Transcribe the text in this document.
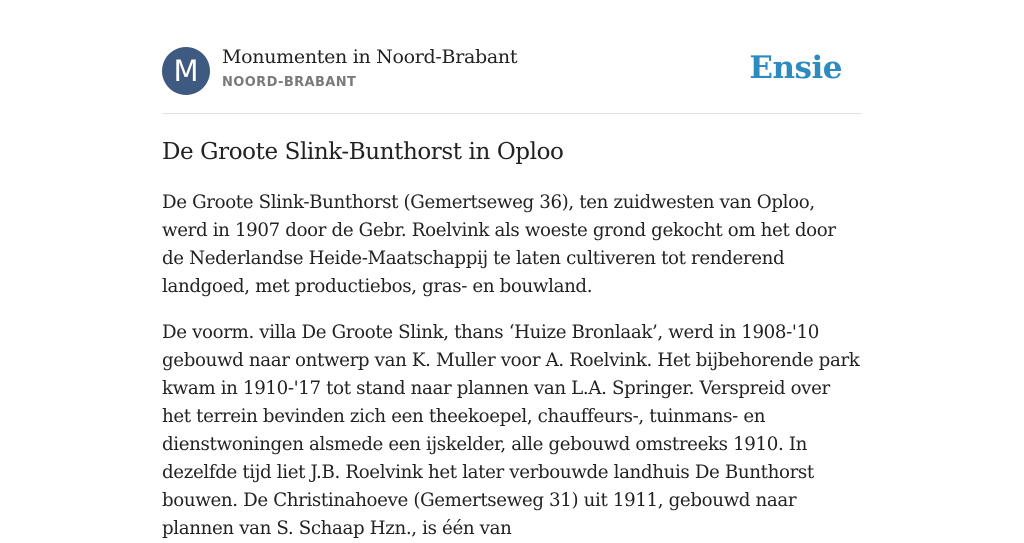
M	Monumenten in Noord-Brabant
NOORD-BRABANT	Ensie
De Groote Slink-Bunthorst in Oploo

De Groote Slink-Bunthorst (Gemertseweg 36), ten zuidwesten van Oploo, werd in 1907 door de Gebr. Roelvink als woeste grond gekocht om het door de Nederlandse Heide-Maatschappij te laten cultiveren tot renderend landgoed, met productiebos, gras- en bouwland.

De voorm. villa De Groote Slink, thans ‘Huize Bronlaak’, werd in 1908-'10 gebouwd naar ontwerp van K. Muller voor A. Roelvink. Het bijbehorende park kwam in 1910-'17 tot stand naar plannen van L.A. Springer. Verspreid over het terrein bevinden zich een theekoepel, chauffeurs-, tuinmans- en dienstwoningen alsmede een ijskelder, alle gebouwd omstreeks 1910. In dezelfde tijd liet J.B. Roelvink het later verbouwde landhuis De Bunthorst bouwen. De Christinahoeve (Gemertseweg 31) uit 1911, gebouwd naar plannen van S. Schaap Hzn., is één van
